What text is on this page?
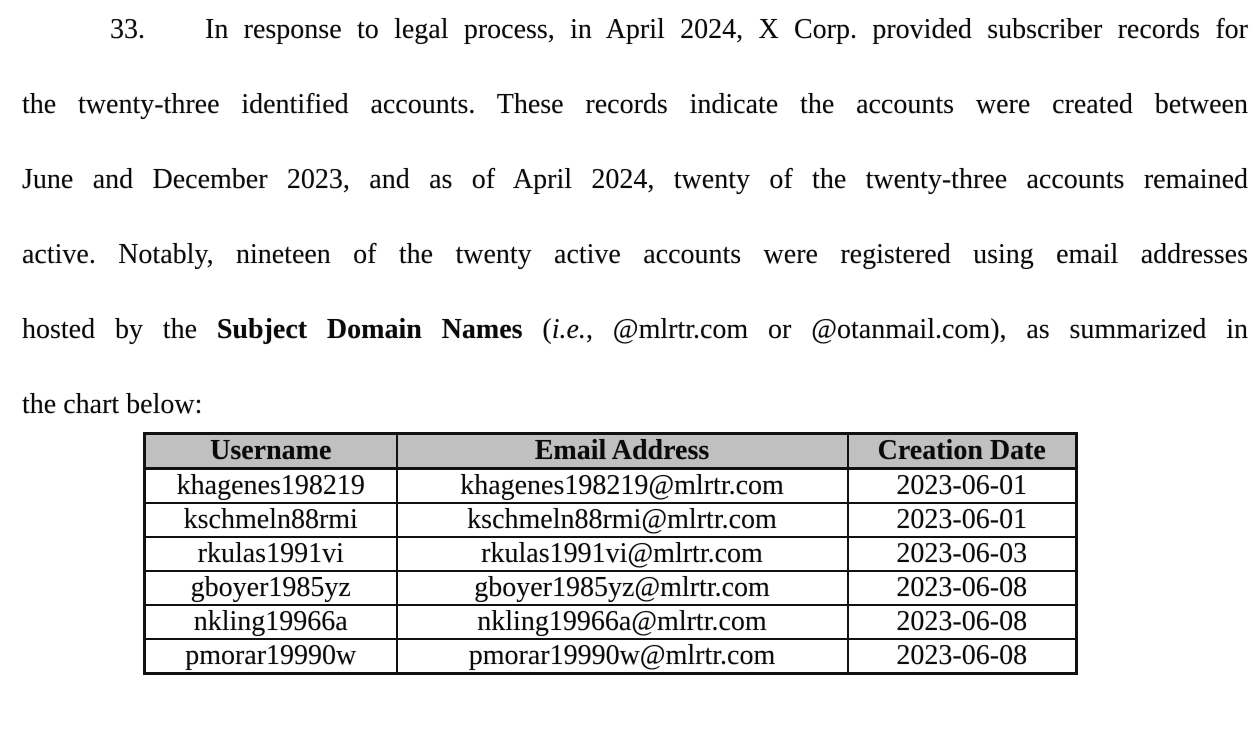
33. In response to legal process, in April 2024, X Corp. provided subscriber records for
the twenty-three identified accounts. These records indicate the accounts were created between
June and December 2023, and as of April 2024, twenty of the twenty-three accounts remained
active. Notably, nineteen of the twenty active accounts were registered using email addresses
hosted by the Subject Domain Names (i.e., @mlrtr.com or @otanmail.com), as summarized in
the chart below:
Username	Email Address	Creation Date
khagenes198219	khagenes198219@mlrtr.com	2023-06-01
kschmeln88rmi	kschmeln88rmi@mlrtr.com	2023-06-01
rkulas1991vi	rkulas1991vi@mlrtr.com	2023-06-03
gboyer1985yz	gboyer1985yz@mlrtr.com	2023-06-08
nkling19966a	nkling19966a@mlrtr.com	2023-06-08
pmorar19990w	pmorar19990w@mlrtr.com	2023-06-08
